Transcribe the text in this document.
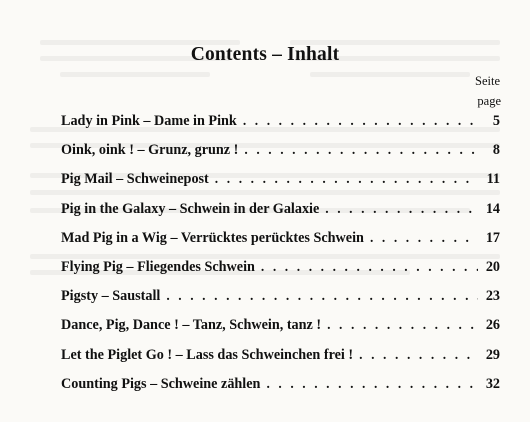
Contents – Inhalt
Seite
page
Lady in Pink – Dame in Pink . . .	5
Oink, oink ! – Grunz, grunz ! . . .	8
Pig Mail – Schweinepost . . .	11
Pig in the Galaxy – Schwein in der Galaxie . . .	14
Mad Pig in a Wig – Verrücktes perücktes Schwein . . .	17
Flying Pig – Fliegendes Schwein . . .	20
Pigsty – Saustall . . .	23
Dance, Pig, Dance ! – Tanz, Schwein, tanz ! . . .	26
Let the Piglet Go ! – Lass das Schweinchen frei ! . . .	29
Counting Pigs – Schweine zählen . . .	32
